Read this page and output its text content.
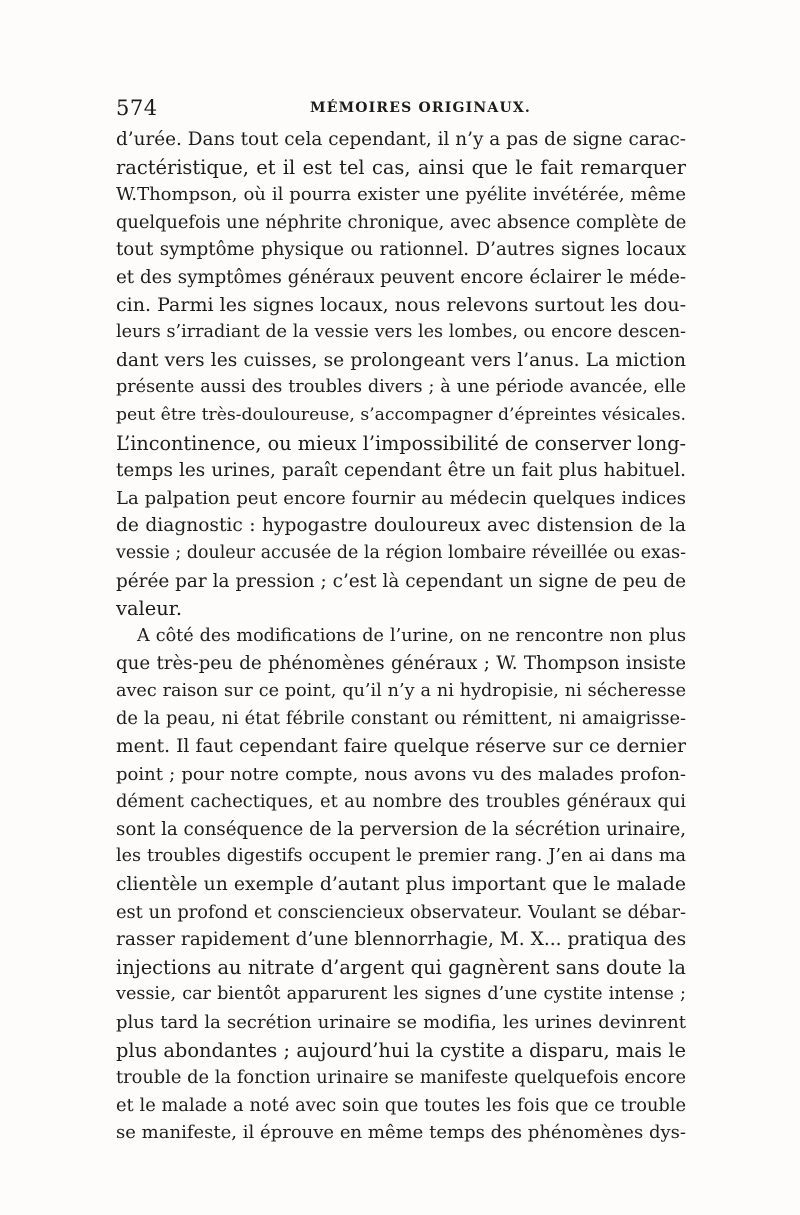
574	MÉMOIRES ORIGINAUX.
d’urée. Dans tout cela cependant, il n’y a pas de signe carac-
ractéristique, et il est tel cas, ainsi que le fait remarquer
W.Thompson, où il pourra exister une pyélite invétérée, même
quelquefois une néphrite chronique, avec absence complète de
tout symptôme physique ou rationnel. D’autres signes locaux
et des symptômes généraux peuvent encore éclairer le méde-
cin. Parmi les signes locaux, nous relevons surtout les dou-
leurs s’irradiant de la vessie vers les lombes, ou encore descen-
dant vers les cuisses, se prolongeant vers l’anus. La miction
présente aussi des troubles divers ; à une période avancée, elle
peut être très-douloureuse, s’accompagner d’épreintes vésicales.
L’incontinence, ou mieux l’impossibilité de conserver long-
temps les urines, paraît cependant être un fait plus habituel.
La palpation peut encore fournir au médecin quelques indices
de diagnostic : hypogastre douloureux avec distension de la
vessie ; douleur accusée de la région lombaire réveillée ou exas-
pérée par la pression ; c’est là cependant un signe de peu de
valeur.
A côté des modifications de l’urine, on ne rencontre non plus
que très-peu de phénomènes généraux ; W. Thompson insiste
avec raison sur ce point, qu’il n’y a ni hydropisie, ni sécheresse
de la peau, ni état fébrile constant ou rémittent, ni amaigrisse-
ment. Il faut cependant faire quelque réserve sur ce dernier
point ; pour notre compte, nous avons vu des malades profon-
dément cachectiques, et au nombre des troubles généraux qui
sont la conséquence de la perversion de la sécrétion urinaire,
les troubles digestifs occupent le premier rang. J’en ai dans ma
clientèle un exemple d’autant plus important que le malade
est un profond et consciencieux observateur. Voulant se débar-
rasser rapidement d’une blennorrhagie, M. X... pratiqua des
injections au nitrate d’argent qui gagnèrent sans doute la
vessie, car bientôt apparurent les signes d’une cystite intense ;
plus tard la secrétion urinaire se modifia, les urines devinrent
plus abondantes ; aujourd’hui la cystite a disparu, mais le
trouble de la fonction urinaire se manifeste quelquefois encore
et le malade a noté avec soin que toutes les fois que ce trouble
se manifeste, il éprouve en même temps des phénomènes dys-
